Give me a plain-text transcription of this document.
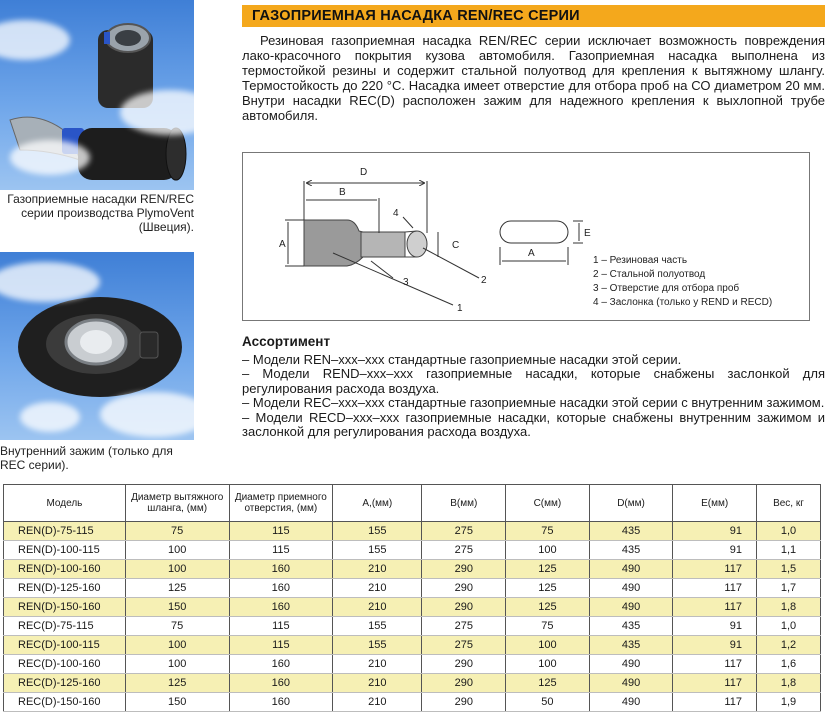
Газоприемные насадки REN/REC серии производства PlymoVent (Швеция).
Внутренний зажим (только для REC серии).
ГАЗОПРИЕМНАЯ НАСАДКА REN/REC СЕРИИ
Резиновая газоприемная насадка REN/REC серии исключает возможность повреждения лако-красочного покрытия кузова автомобиля. Газоприемная насадка выполнена из термостойкой резины и содержит стальной полуотвод для крепления к вытяжному шлангу. Термостойкость до 220 °С. Насадка имеет отверстие для отбора проб на СО диаметром 20 мм. Внутри насадки REC(D) расположен зажим для надежного крепления к выхлопной трубе автомобиля.
D
B
A	C
A
E
1
2
3
4
1 – Резиновая часть
2 – Стальной полуотвод
3 – Отверстие для отбора проб
4 – Заслонка (только у REND и RECD)
Ассортимент
– Модели REN–xxx–xxx стандартные газоприемные насадки этой серии.
– Модели REND–xxx–xxx газоприемные насадки, которые снабжены заслонкой для регулирования расхода воздуха.
– Модели REC–xxx–xxx стандартные газоприемные насадки этой серии с внутренним зажимом.
– Модели RECD–xxx–xxx газоприемные насадки, которые снабжены внутренним зажимом и заслонкой для регулирования расхода воздуха.
Модель	Диаметр вытяжного шланга, (мм)	Диаметр приемного отверстия, (мм)	А,(мм)	В(мм)	С(мм)	D(мм)	Е(мм)	Вес, кг
REN(D)-75-115	75	115	155	275	75	435	91	1,0
REN(D)-100-115	100	115	155	275	100	435	91	1,1
REN(D)-100-160	100	160	210	290	125	490	117	1,5
REN(D)-125-160	125	160	210	290	125	490	117	1,7
REN(D)-150-160	150	160	210	290	125	490	117	1,8
REC(D)-75-115	75	115	155	275	75	435	91	1,0
REC(D)-100-115	100	115	155	275	100	435	91	1,2
REC(D)-100-160	100	160	210	290	100	490	117	1,6
REC(D)-125-160	125	160	210	290	125	490	117	1,8
REC(D)-150-160	150	160	210	290	50	490	117	1,9
